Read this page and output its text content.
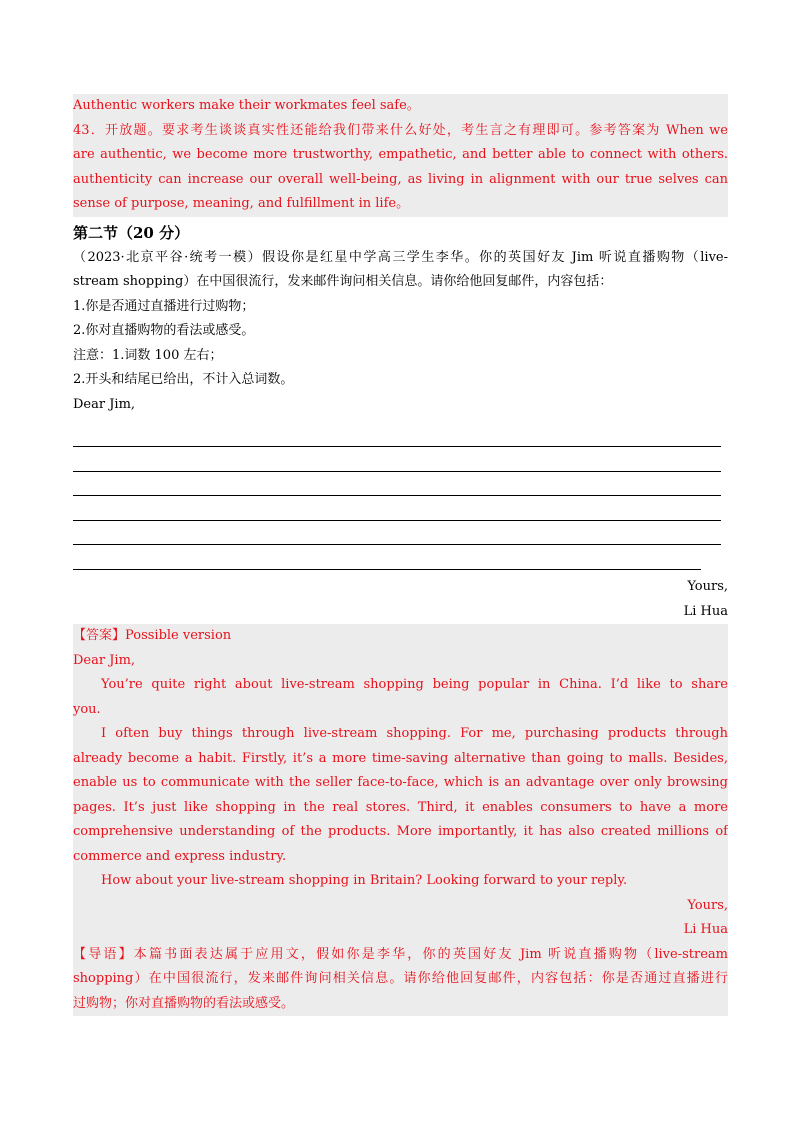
Authentic workers make their workmates feel safe。
43．开放题。要求考生谈谈真实性还能给我们带来什么好处，考生言之有理即可。参考答案为 When we
are authentic, we become more trustworthy, empathetic, and better able to connect with others.
authenticity can increase our overall well-being, as living in alignment with our true selves can
sense of purpose, meaning, and fulfillment in life。
第二节（20 分）
（2023·北京平谷·统考一模）假设你是红星中学高三学生李华。你的英国好友 Jim 听说直播购物（live-
stream shopping）在中国很流行，发来邮件询问相关信息。请你给他回复邮件，内容包括：
1.你是否通过直播进行过购物；
2.你对直播购物的看法或感受。
注意：1.词数 100 左右；
2.开头和结尾已给出，不计入总词数。
Dear Jim,
Yours,
Li Hua
【答案】Possible version
Dear Jim,
You’re quite right about live-stream shopping being popular in China. I’d like to share
you.
I often buy things through live-stream shopping. For me, purchasing products through
already become a habit. Firstly, it’s a more time-saving alternative than going to malls. Besides,
enable us to communicate with the seller face-to-face, which is an advantage over only browsing
pages. It’s just like shopping in the real stores. Third, it enables consumers to have a more
comprehensive understanding of the products. More importantly, it has also created millions of
commerce and express industry.
How about your live-stream shopping in Britain? Looking forward to your reply.
Yours,
Li Hua
【导语】本篇书面表达属于应用文，假如你是李华，你的英国好友 Jim 听说直播购物（live-stream
shopping）在中国很流行，发来邮件询问相关信息。请你给他回复邮件，内容包括：你是否通过直播进行
过购物；你对直播购物的看法或感受。
